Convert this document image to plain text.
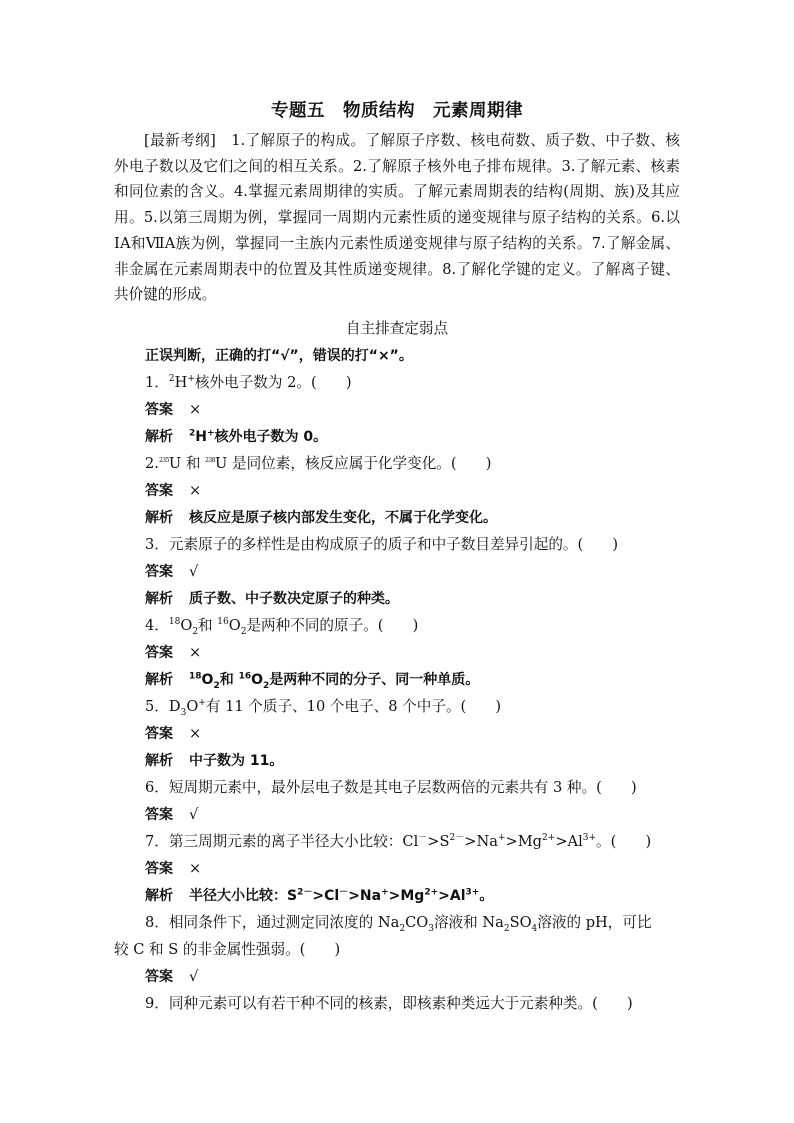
专题五　物质结构　元素周期律

[最新考纲]　 1.了解原子的构成。了解原子序数、核电荷数、质子数、中子数、核外电子数以及它们之间的相互关系。2.了解原子核外电子排布规律。3.了解元素、核素和同位素的含义。4.掌握元素周期律的实质。了解元素周期表的结构(周期、族)及其应用。5.以第三周期为例，掌握同一周期内元素性质的递变规律与原子结构的关系。6.以ⅠA和ⅦA族为例，掌握同一主族内元素性质递变规律与原子结构的关系。7.了解金属、非金属在元素周期表中的位置及其性质递变规律。8.了解化学键的定义。了解离子键、共价键的形成。

自主排查定弱点
正误判断，正确的打“√”，错误的打“×”。
1．$^2$H+核外电子数为 2。(　　)
答案 ×
解析 $^2$H+核外电子数为 0。
2.$^{235}$U 和 $^{238}$U 是同位素，核反应属于化学变化。(　　)
答案 ×
解析 核反应是原子核内部发生变化，不属于化学变化。
3．元素原子的多样性是由构成原子的质子和中子数目差异引起的。(　　)
答案 √
解析 质子数、中子数决定原子的种类。
4．$^{18}O_2$和 $^{16}O_2$是两种不同的原子。(　　)
答案 ×
解析 $^{18}O_2$和 $^{16}O_2$是两种不同的分子、同一种单质。
5．$D_3O^+$有 11 个质子、10 个电子、8 个中子。(　　)
答案 ×
解析 中子数为 11。
6．短周期元素中，最外层电子数是其电子层数两倍的元素共有 3 种。(　　)
答案 √
7．第三周期元素的离子半径大小比较：$Cl^->S^{2-}>Na^+>Mg^{2+}>Al^{3+}$。(　　)
答案 ×
解析 半径大小比较：$S^{2-}>Cl^->Na^+>Mg^{2+}>Al^{3+}$。
8．相同条件下，通过测定同浓度的 $Na_2CO_3$溶液和 $Na_2SO_4$溶液的 pH，可比
较 C 和 S 的非金属性强弱。(　　)
答案 √
9．同种元素可以有若干种不同的核素，即核素种类远大于元素种类。(　　)
